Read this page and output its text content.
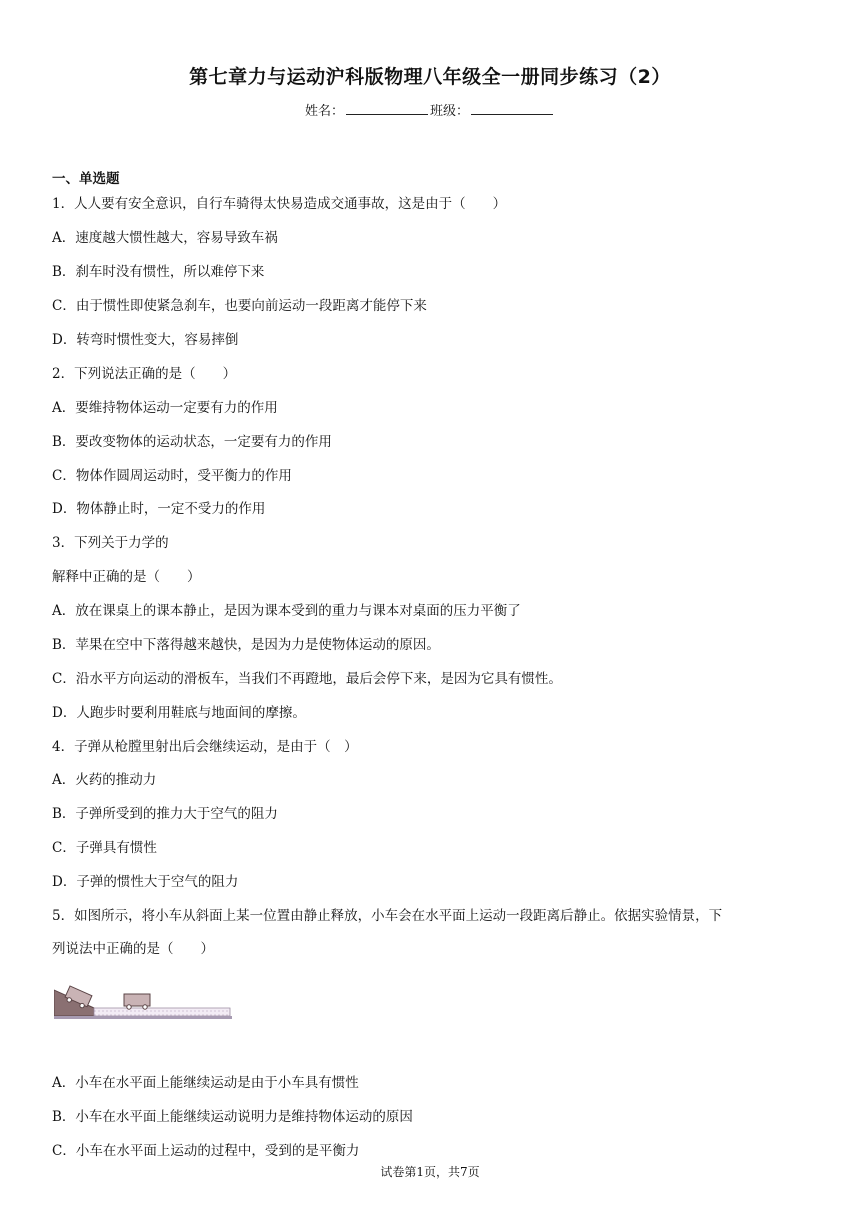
第七章力与运动沪科版物理八年级全一册同步练习（2）
姓名：	班级：
一、单选题
1．人人要有安全意识，自行车骑得太快易造成交通事故，这是由于（　　）
A．速度越大惯性越大，容易导致车祸
B．刹车时没有惯性，所以难停下来
C．由于惯性即使紧急刹车，也要向前运动一段距离才能停下来
D．转弯时惯性变大，容易摔倒
2．下列说法正确的是（　　）
A．要维持物体运动一定要有力的作用
B．要改变物体的运动状态，一定要有力的作用
C．物体作圆周运动时，受平衡力的作用
D．物体静止时，一定不受力的作用
3．下列关于力学的
解释中正确的是（　　）
A．放在课桌上的课本静止，是因为课本受到的重力与课本对桌面的压力平衡了
B．苹果在空中下落得越来越快，是因为力是使物体运动的原因。
C．沿水平方向运动的滑板车，当我们不再蹬地，最后会停下来，是因为它具有惯性。
D．人跑步时要利用鞋底与地面间的摩擦。
4．子弹从枪膛里射出后会继续运动，是由于（　）
A．火药的推动力
B．子弹所受到的推力大于空气的阻力
C．子弹具有惯性
D．子弹的惯性大于空气的阻力
5．如图所示，将小车从斜面上某一位置由静止释放，小车会在水平面上运动一段距离后静止。依据实验情景，下
列说法中正确的是（　　）
A．小车在水平面上能继续运动是由于小车具有惯性
B．小车在水平面上能继续运动说明力是维持物体运动的原因
C．小车在水平面上运动的过程中，受到的是平衡力
试卷第1页，共7页
